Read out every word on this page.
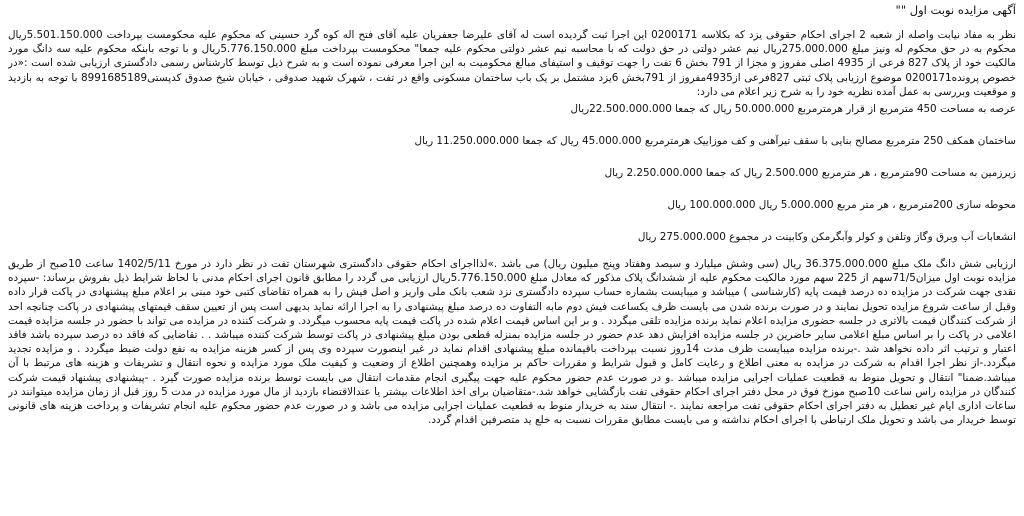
آگهی مزایده نوبت اول ""

نظر به مفاد نیابت واصله از شعبه 2 اجرای احکام حقوقی یزد که بکلاسه 0200171 این اجرا ثبت گردیده است له آقای علیرضا جعفریان علیه آقای فتح اله کوه گرد حسینی که محکوم علیه محکومست بپرداخت 5.501.150.000ریال محکوم به در حق محکوم له ونیز مبلغ 275.000.000ریال نیم عشر دولتی در حق دولت که با محاسبه نیم عشر دولتی محکوم علیه جمعا" محکومست بپرداخت مبلغ 5.776.150.000ریال و با توجه بابنکه محکوم علیه سه دانگ مورد مالکیت خود از پلاک 827 فرعی از 4935 اصلی مفروز و مجزا از 791 بخش 6 تفت را جهت توقیف و استیفای مبالغ محکومیت به این اجرا معرفی نموده است و به شرح ذیل توسط کارشناس رسمی دادگستری ارزیابی شده است :«در خصوص پرونده0200171 موضوع ارزیابی پلاک ثبتی 827فرعی از4935مفروز از 791بخش 6یزد مشتمل بر یک باب ساختمان مسکونی واقع در تفت ، شهرک شهید صدوقی ، خیابان شیخ صدوق کدپستی8991685189 با توجه به بازدید و موقعیت وبررسی به عمل آمده نظریه خود را به شرح زیر اعلام می دارد:

عرصه به مساحت 450 مترمربع از قرار هرمترمربع 50.000.000 ریال که جمعا 22.500.000.000ریال
ساختمان همکف 250 مترمربع مصالح بنایی با سقف تیرآهنی و کف موزاییک هرمترمربع 45.000.000 ریال که جمعا 11.250.000.000 ریال
زیرزمین به مساحت 90مترمربع ، هر مترمربع 2.500.000 ریال که جمعا 2.250.000.000 ریال
محوطه سازی 200مترمربع ، هر متر مربع 5.000.000 ریال 100.000.000 ریال
انشعابات آب وبرق وگاز وتلفن و کولر وآبگرمکن وکابینت در مجموع 275.000.000 ریال

ارزیابی شش دانگ ملک مبلغ 36.375.000.000 ریال (سی وشش میلیارد و سیصد وهفتاد وپنج میلیون ریال) می باشد .»لذااجرای احکام حقوقی دادگستری شهرستان تفت در نظر دارد در مورخ 1402/5/11 ساعت 10صبح از طریق مزایده نوبت اول میزان71/5سهم از 225 سهم مورد مالکیت محکوم علیه از ششدانگ پلاک مذکور که معادل مبلغ 5.776.150.000ریال ارزیابی می گردد را مطابق قانون اجرای احکام مدنی با لحاظ شرایط ذیل بفروش برساند: -سپرده نقدی جهت شرکت در مزایده ده درصد قیمت پایه (کارشناسی ) میباشد و میبایست بشماره حساب سپرده دادگستری نزد شعب بانک ملی واریز و اصل فیش را به همراه تقاضای کتبی خود مبنی بر اعلام مبلغ پیشنهادی در پاکت قرار داده وقبل از ساعت شروع مزایده تحویل نمایند و در صورت برنده شدن می بایست ظرف یکساعت فیش دوم مابه التفاوت ده درصد مبلغ پیشنهادی را به اجرا ارائه نماید بدیهی است پس از تعیین سقف قیمتهای پیشنهادی در پاکت چنانچه احد از شرکت کنندگان قیمت بالاتری در جلسه حضوری مزایده اعلام نماید برنده مزایده تلقی میگردد . و بر این اساس قیمت اعلام شده در پاکت قیمت پایه محسوب میگردد. و شرکت کننده در مزایده می تواند با حضور در جلسه مزایده قیمت اعلامی در پاکت را بر اساس مبلغ اعلامی سایر حاضرین در جلسه مزایده افزایش دهد عدم حضور در جلسه مزایده بمنزله قطعی بودن مبلغ پیشنهادی در پاکت توسط شرکت کننده میباشد . . تقاضایی که فاقد ده درصد سپرده باشد فاقد اعتبار و ترتیب اثر داده نخواهد شد .-برنده مزایده میبایست ظرف مدت 14روز نسبت بپرداخت باقیمانده مبلغ پیشنهادی اقدام نماید در غیر اینصورت سپرده وی پس از کسر هزینه مزایده به نفع دولت ضبط میگردد . و مزایده تجدید میگردد.-از نظر اجرا اقدام به شرکت در مزایده به معنی اطلاع و رعایت کامل و قبول شرایط و مقررات حاکم بر مزایده وهمچنین اطلاع از وضعیت و کیفیت ملک مورد مزایده و نحوه انتقال و تشریفات و هزینه های مرتبط با آن میباشد.ضمنا" انتقال و تحویل منوط به قطعیت عملیات اجرایی مزایده میباشد .و در صورت عدم حضور محکوم علیه جهت پیگیری انجام مقدمات انتقال می بایست توسط برنده مزایده صورت گیرد . -پیشنهادی پیشنهاد قیمت شرکت کنندگان در مزایده راس ساعت 10صبح موزخ فوق در محل دفتر اجرای احکام حقوقی تفت بازگشایی خواهد شد.-متقاضیان برای اخذ اطلاعات بیشتر یا عندالاقتضاء بازدید از مال مورد مزایده در مدت 5 روز قبل از زمان مزایده میتوانند در ساعات اداری ایام غیر تعطیل به دفتر اجرای احکام حقوقی تفت مراجعه نمایند .- انتقال سند به خریدار منوط به قطعیت عملیات اجرایی مزایده می باشد و در صورت عدم حضور محکوم علیه انجام تشریفات و پرداخت هزینه های قانونی توسط خریدار می باشد و تحویل ملک ارتباطی با اجرای احکام نداشته و می بایست مطابق مقررات نسبت به خلع ید متصرفین اقدام گردد.
